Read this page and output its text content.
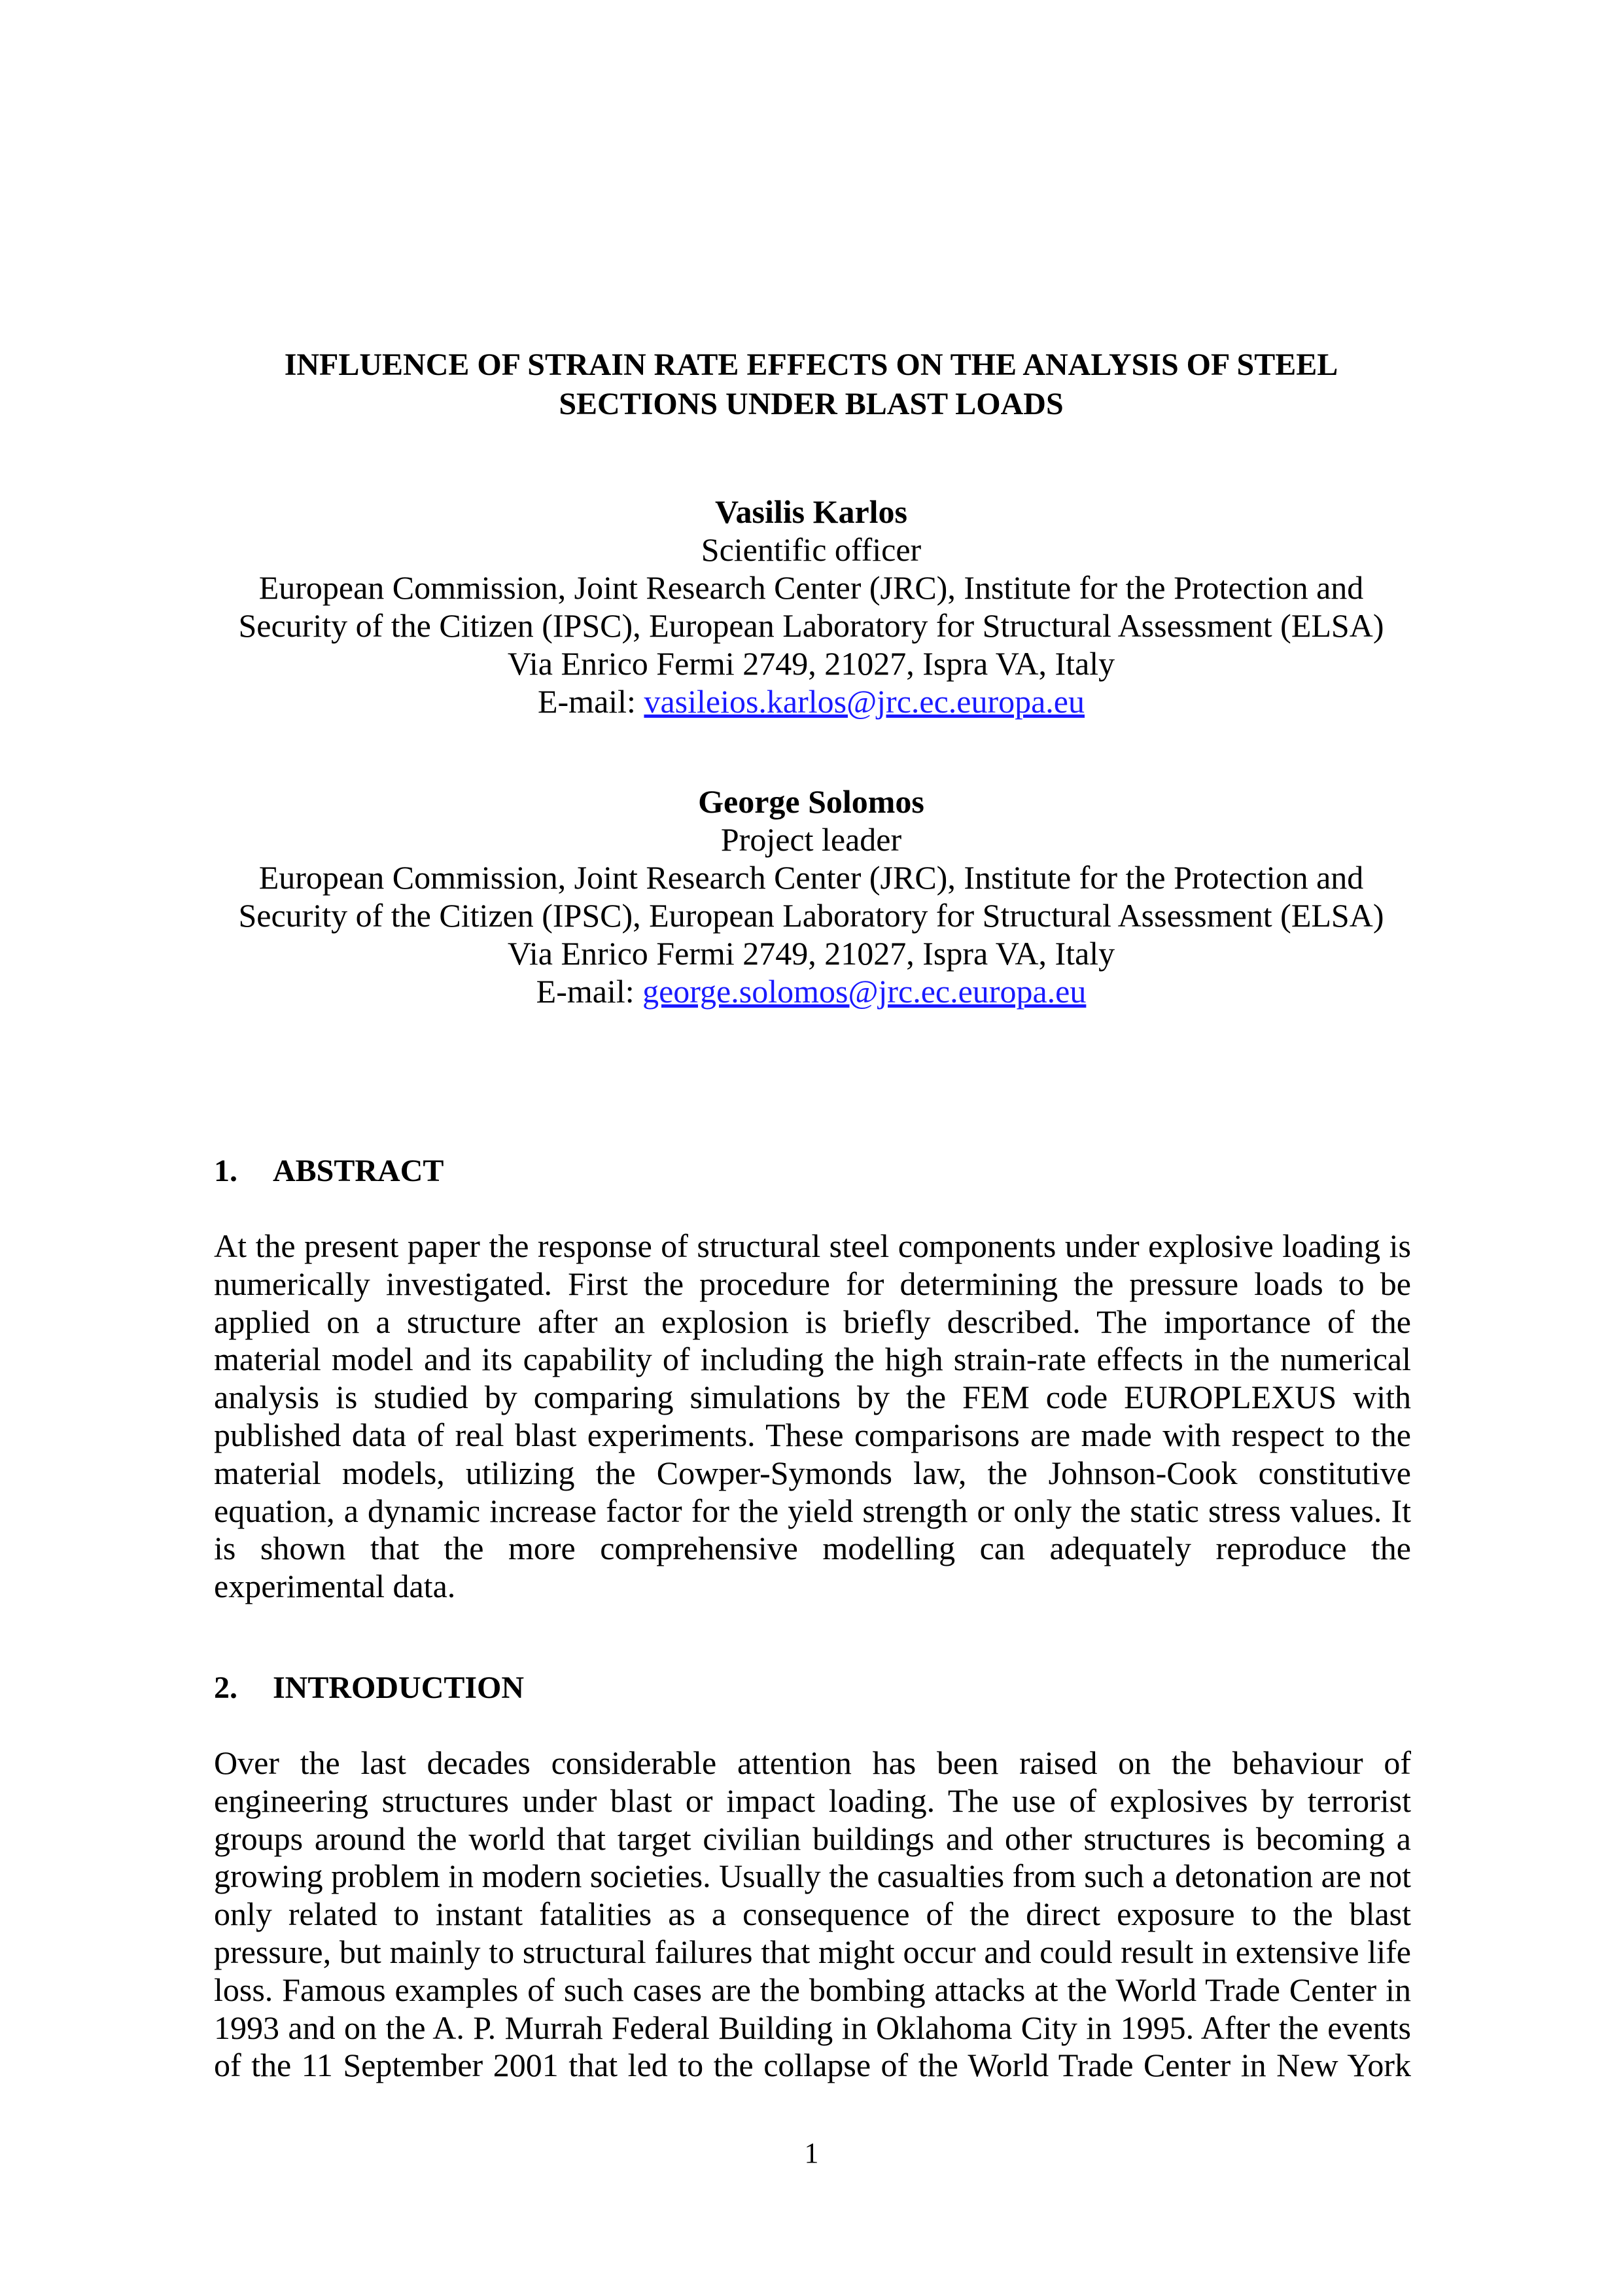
INFLUENCE OF STRAIN RATE EFFECTS ON THE ANALYSIS OF STEEL
SECTIONS UNDER BLAST LOADS
Vasilis Karlos
Scientific officer
European Commission, Joint Research Center (JRC), Institute for the Protection and
Security of the Citizen (IPSC), European Laboratory for Structural Assessment (ELSA)
Via Enrico Fermi 2749, 21027, Ispra VA, Italy
E-mail: vasileios.karlos@jrc.ec.europa.eu
George Solomos
Project leader
European Commission, Joint Research Center (JRC), Institute for the Protection and
Security of the Citizen (IPSC), European Laboratory for Structural Assessment (ELSA)
Via Enrico Fermi 2749, 21027, Ispra VA, Italy
E-mail: george.solomos@jrc.ec.europa.eu
1. ABSTRACT
At the present paper the response of structural steel components under explosive loading is
numerically investigated. First the procedure for determining the pressure loads to be
applied on a structure after an explosion is briefly described. The importance of the
material model and its capability of including the high strain-rate effects in the numerical
analysis is studied by comparing simulations by the FEM code EUROPLEXUS with
published data of real blast experiments. These comparisons are made with respect to the
material models, utilizing the Cowper-Symonds law, the Johnson-Cook constitutive
equation, a dynamic increase factor for the yield strength or only the static stress values. It
is shown that the more comprehensive modelling can adequately reproduce the
experimental data.
2. INTRODUCTION
Over the last decades considerable attention has been raised on the behaviour of
engineering structures under blast or impact loading. The use of explosives by terrorist
groups around the world that target civilian buildings and other structures is becoming a
growing problem in modern societies. Usually the casualties from such a detonation are not
only related to instant fatalities as a consequence of the direct exposure to the blast
pressure, but mainly to structural failures that might occur and could result in extensive life
loss. Famous examples of such cases are the bombing attacks at the World Trade Center in
1993 and on the A. P. Murrah Federal Building in Oklahoma City in 1995. After the events
of the 11 September 2001 that led to the collapse of the World Trade Center in New York
1
